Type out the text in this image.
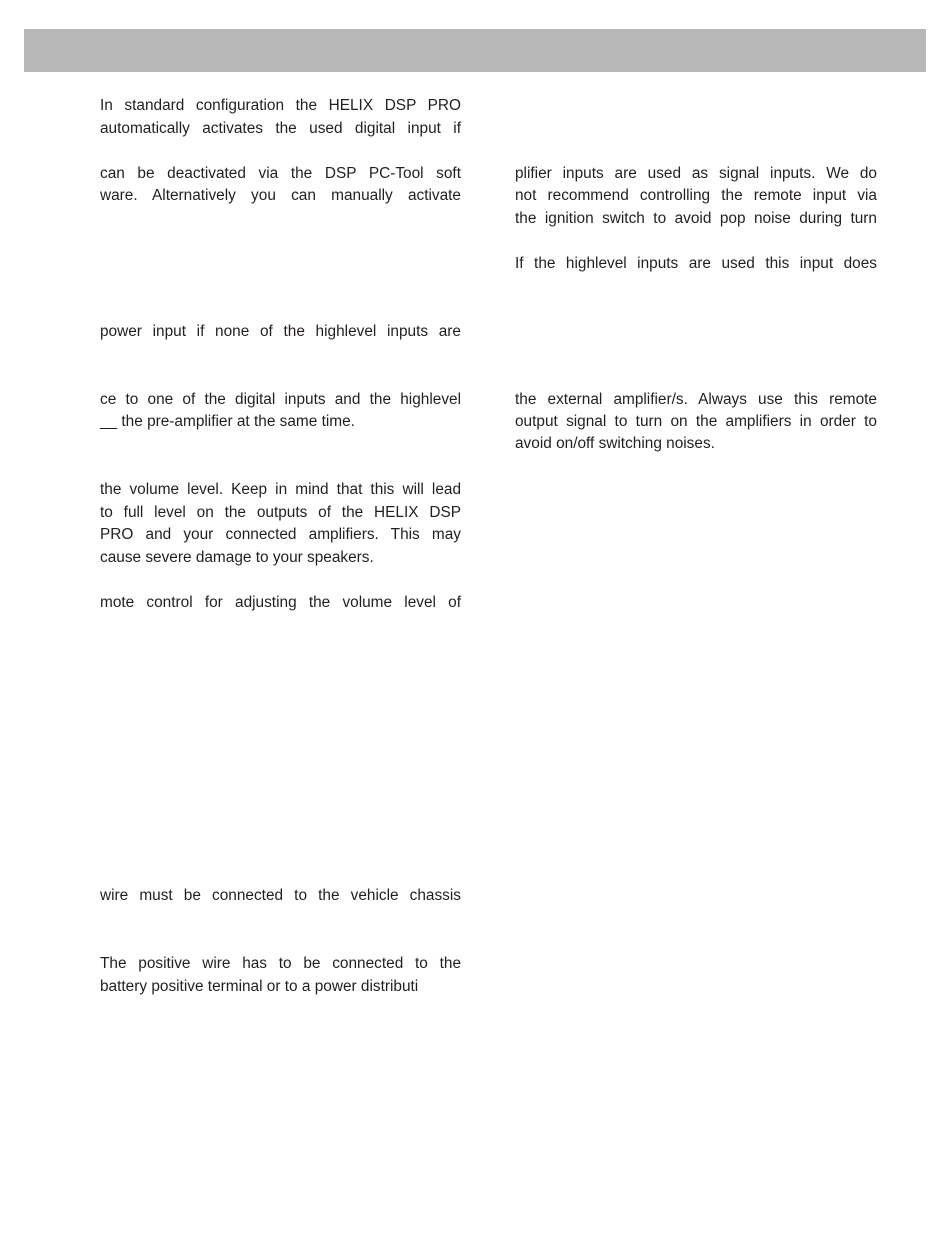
In standard configuration the HELIX DSP PRO
automatically activates the used digital input if
can be deactivated via the DSP PC-Tool soft
ware. Alternatively you can manually activate
power input if none of the highlevel inputs are
ce to one of the digital inputs and the highlevel
__ the pre-amplifier at the same time.
the volume level. Keep in mind that this will lead
to full level on the outputs of the HELIX DSP
PRO and your connected amplifiers. This may
cause severe damage to your speakers.
mote control for adjusting the volume level of
wire must be connected to the vehicle chassis
The positive wire has to be connected to the
battery positive terminal or to a power distributi
plifier inputs are used as signal inputs. We do
not recommend controlling the remote input via
the ignition switch to avoid pop noise during turn
If the highlevel inputs are used this input does
the external amplifier/s. Always use this remote
output signal to turn on the amplifiers in order to
avoid on/off switching noises.
